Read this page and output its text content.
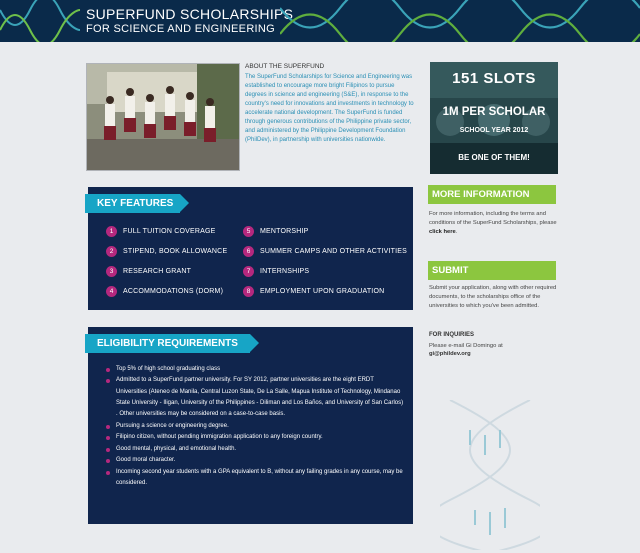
SUPERFUND SCHOLARSHIPS
FOR SCIENCE AND ENGINEERING
ABOUT THE SUPERFUND
The SuperFund Scholarships for Science and Engineering was established to encourage more bright Filipinos to pursue degrees in science and engineering (S&E), in response to the country's need for innovations and investments in technology to accelerate national development. The SuperFund is funded through generous contributions of the Philippine private sector, and administered by the Philippine Development Foundation (PhilDev), in partnership with universities nationwide.
KEY FEATURES
1	FULL TUITION COVERAGE
2	STIPEND, BOOK ALLOWANCE
3	RESEARCH GRANT
4	ACCOMMODATIONS (DORM)
5	MENTORSHIP
6	SUMMER CAMPS AND OTHER ACTIVITIES
7	INTERNSHIPS
8	EMPLOYMENT UPON GRADUATION
ELIGIBILITY REQUIREMENTS
Top 5% of high school graduating class
Admitted to a SuperFund partner university. For SY 2012, partner universities are the eight ERDT Universities (Ateneo de Manila, Central Luzon State, De La Salle, Mapua Institute of Technology, Mindanao State University - Iligan, University of the Philippines - Diliman and Los Baños, and University of San Carlos) . Other universities may be considered on a case-to-case basis.
Pursuing a science or engineering degree.
Filipino citizen, without pending immigration application to any foreign country.
Good mental, physical, and emotional health.
Good moral character.
Incoming second year students with a GPA equivalent to B, without any failing grades in any course, may be considered.
151 SLOTS
1M PER SCHOLAR
SCHOOL YEAR 2012
BE ONE OF THEM!
MORE INFORMATION
For more information, including the terms and conditions of the SuperFund Scholarships, please click here.
SUBMIT
Submit your application, along with other required documents, to the scholarships office of the universities to which you've been admitted.
FOR INQUIRIES
Please e-mail Gi Domingo at
gi@phildev.org
